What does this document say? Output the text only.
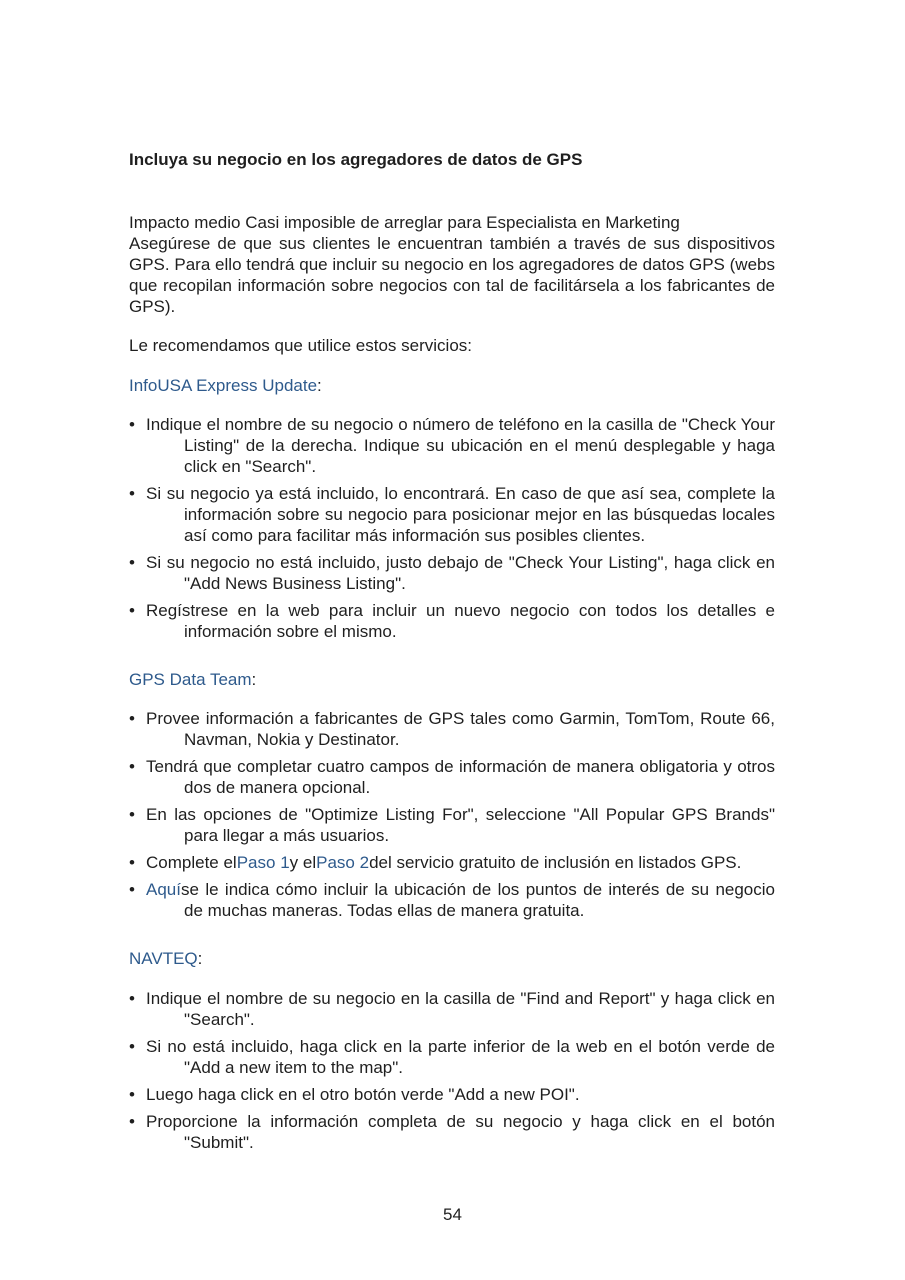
Incluya su negocio en los agregadores de datos de GPS

Impacto medio Casi imposible de arreglar para Especialista en Marketing

Asegúrese de que sus clientes le encuentran también a través de sus dispositivos GPS. Para ello tendrá que incluir su negocio en los agregadores de datos GPS (webs que recopilan información sobre negocios con tal de facilitársela a los fabricantes de GPS).

Le recomendamos que utilice estos servicios:

InfoUSA Express Update:

• Indique el nombre de su negocio o número de teléfono en la casilla de "Check Your Listing" de la derecha. Indique su ubicación en el menú desplegable y haga click en "Search".
• Si su negocio ya está incluido, lo encontrará. En caso de que así sea, complete la información sobre su negocio para posicionar mejor en las búsquedas locales así como para facilitar más información sus posibles clientes.
• Si su negocio no está incluido, justo debajo de "Check Your Listing", haga click en "Add News Business Listing".
• Regístrese en la web para incluir un nuevo negocio con todos los detalles e información sobre el mismo.

GPS Data Team:

• Provee información a fabricantes de GPS tales como Garmin, TomTom, Route 66, Navman, Nokia y Destinator.
• Tendrá que completar cuatro campos de información de manera obligatoria y otros dos de manera opcional.
• En las opciones de "Optimize Listing For", seleccione "All Popular GPS Brands" para llegar a más usuarios.
• Complete elPaso 1y elPaso 2del servicio gratuito de inclusión en listados GPS.
• Aquíse le indica cómo incluir la ubicación de los puntos de interés de su negocio de muchas maneras. Todas ellas de manera gratuita.

NAVTEQ:

• Indique el nombre de su negocio en la casilla de "Find and Report" y haga click en "Search".
• Si no está incluido, haga click en la parte inferior de la web en el botón verde de "Add a new item to the map".
• Luego haga click en el otro botón verde "Add a new POI".
• Proporcione la información completa de su negocio y haga click en el botón "Submit".
54
